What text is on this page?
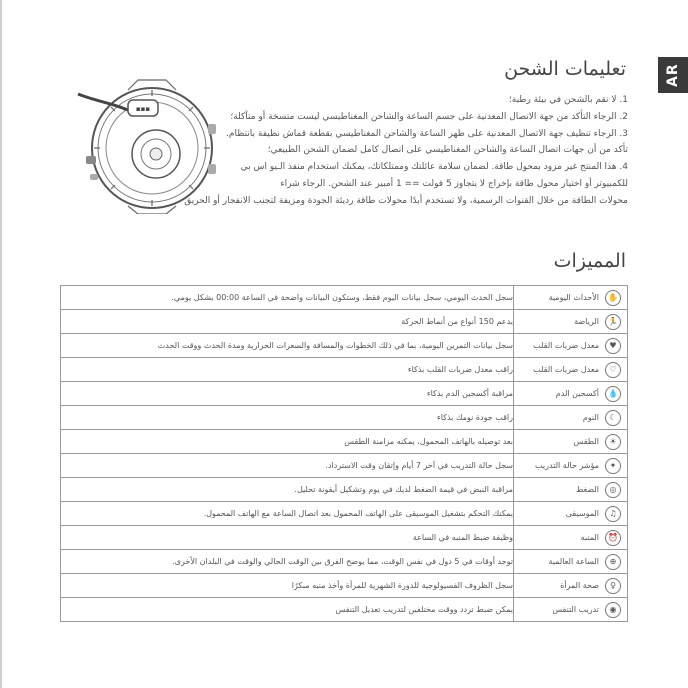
AR
تعليمات الشحن
▪▪▪

1. لا تقم بالشحن في بيئة رطبة؛

2. الرجاء التأكد من جهة الاتصال المعدنية على جسم الساعة والشاحن المغناطيسي ليست متسخة أو متآكلة؛

3. الرجاء تنظيف جهة الاتصال المعدنية على ظهر الساعة والشاحن المغناطيسي بقطعة قماش نظيفة بانتظام.

تأكد من أن جهات اتصال الساعة والشاحن المغناطيسي على اتصال كامل لضمان الشحن الطبيعي؛

4. هذا المنتج غير مزود بمحول طاقة. لضمان سلامة عائلتك وممتلكاتك، يمكنك استخدام منفذ الـيو اس بي

للكمبيوتر أو اختيار محول طاقة بإخراج لا يتجاوز 5 فولت == 1 أمبير عند الشحن. الرجاء شراء

محولات الطاقة من خلال القنوات الرسمية، ولا تستخدم أبدًا محولات طاقة رديئة الجودة ومزيفة لتجنب الانفجار أو الحريق

المميزات
✋
الأحداث اليومية	سجل الحدث اليومي، سجل بيانات اليوم فقط، وستكون البيانات واضحة في الساعة 00:00 بشكل يومي.

🏃
الرياضة	يدعم 150 أنواع من أنماط الحركة

♥
معدل ضربات القلب	سجل بيانات التمرين اليومية، بما في ذلك الخطوات والمسافة والسعرات الحرارية ومدة الحدث ووقت الحدث

♡
معدل ضربات القلب	راقب معدل ضربات القلب بذكاء

💧
أكسجين الدم	مراقبة أكسجين الدم بذكاء

☾
النوم	راقب جودة نومك بذكاء

☀
الطقس	بعد توصيله بالهاتف المحمول، يمكنه مزامنة الطقس

✦
مؤشر حالة التدريب	سجل حالة التدريب في آخر 7 أيام وإتقان وقت الاسترداد.

◎
الضغط	مراقبة النبض في قيمة الضغط لديك في يوم وتشكيل أيقونة تحليل.

♫
الموسيقى	يمكنك التحكم بتشغيل الموسيقى على الهاتف المحمول بعد اتصال الساعة مع الهاتف المحمول.

⏰
المنبه	وظيفة ضبط المنبه في الساعة

⊕
الساعة العالمية	توجد أوقات في 5 دول في نفس الوقت، مما يوضح الفرق بين الوقت الحالي والوقت في البلدان الأخرى.

♀
صحة المرأة	سجل الظروف الفسيولوجية للدورة الشهرية للمرأة وأخذ منبه مبكرًا

◉
تدريب التنفس	يمكن ضبط تردد ووقت مختلفين لتدريب تعديل التنفس
